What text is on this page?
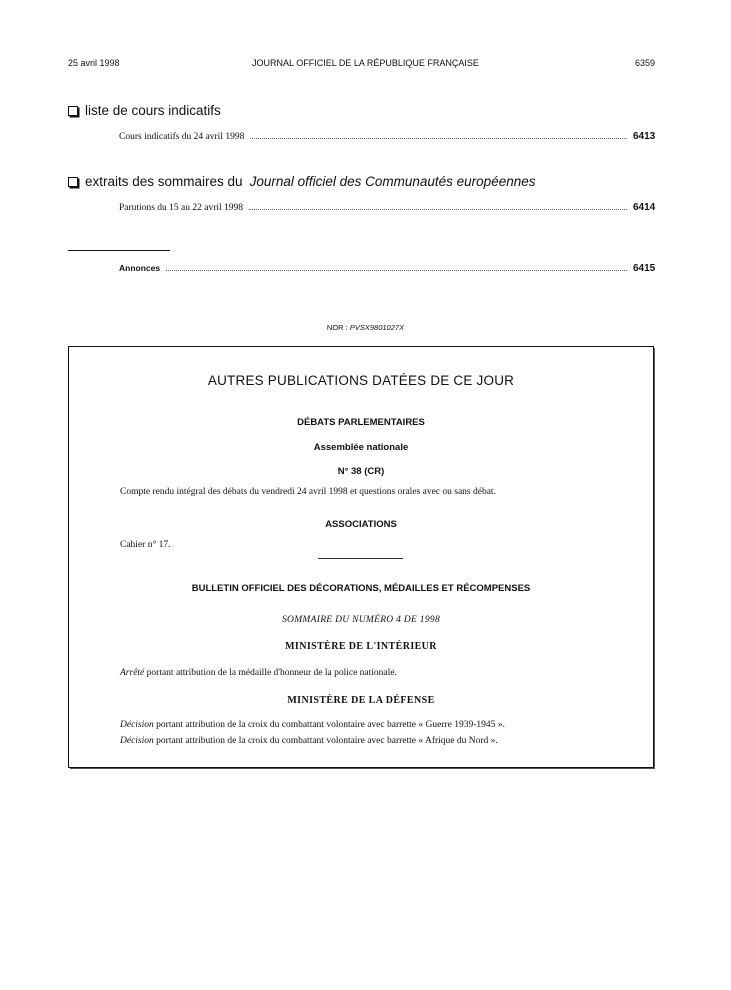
25 avril 1998	JOURNAL OFFICIEL DE LA RÉPUBLIQUE FRANÇAISE	6359
liste de cours indicatifs
Cours indicatifs du 24 avril 1998	6413
extraits des sommaires du Journal officiel des Communautés européennes
Parutions du 15 au 22 avril 1998	6414
Annonces	6415
NOR : PVSX9801027X
AUTRES PUBLICATIONS DATÉES DE CE JOUR
DÉBATS PARLEMENTAIRES
Assemblée nationale
N° 38 (CR)
Compte rendu intégral des débats du vendredi 24 avril 1998 et questions orales avec ou sans débat.
ASSOCIATIONS
Cahier n° 17.
BULLETIN OFFICIEL DES DÉCORATIONS, MÉDAILLES ET RÉCOMPENSES
SOMMAIRE DU NUMÉRO 4 DE 1998
MINISTÈRE DE L'INTÉRIEUR
Arrêté portant attribution de la médaille d'honneur de la police nationale.
MINISTÈRE DE LA DÉFENSE
Décision portant attribution de la croix du combattant volontaire avec barrette « Guerre 1939-1945 ».
Décision portant attribution de la croix du combattant volontaire avec barrette « Afrique du Nord ».
